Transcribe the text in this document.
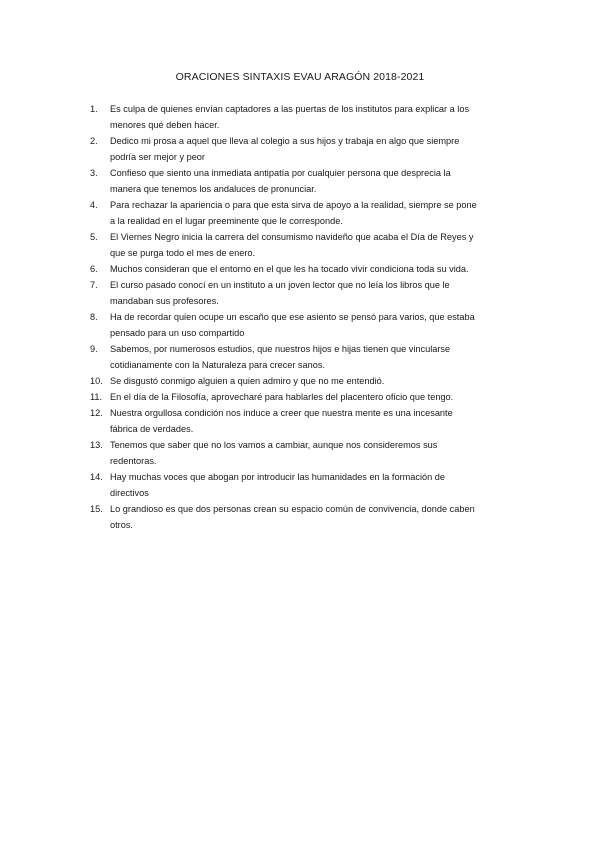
ORACIONES SINTAXIS EVAU ARAGÓN 2018-2021
1.	Es culpa de quienes envían captadores a las puertas de los institutos para explicar a los
menores qué deben hacer.
2.	Dedico mi prosa a aquel que lleva al colegio a sus hijos y trabaja en algo que siempre
podría ser mejor y peor
3.	Confieso que siento una inmediata antipatía por cualquier persona que desprecia la
manera que tenemos los andaluces de pronunciar.
4.	Para rechazar la apariencia o para que esta sirva de apoyo a la realidad, siempre se pone
a la realidad en el lugar preeminente que le corresponde.
5.	El Viernes Negro inicia la carrera del consumismo navideño que acaba el Día de Reyes y
que se purga todo el mes de enero.
6.	Muchos consideran que el entorno en el que les ha tocado vivir condiciona toda su vida.
7.	El curso pasado conocí en un instituto a un joven lector que no leía los libros que le
mandaban sus profesores.
8.	Ha de recordar quien ocupe un escaño que ese asiento se pensó para varios, que estaba
pensado para un uso compartido
9.	Sabemos, por numerosos estudios, que nuestros hijos e hijas tienen que vincularse
cotidianamente con la Naturaleza para crecer sanos.
10. Se disgustó conmigo alguien a quien admiro y que no me entendió.
11. En el día de la Filosofía, aprovecharé para hablarles del placentero oficio que tengo.
12. Nuestra orgullosa condición nos induce a creer que nuestra mente es una incesante
fábrica de verdades.
13. Tenemos que saber que no los vamos a cambiar, aunque nos consideremos sus
redentoras.
14. Hay muchas voces que abogan por introducir las humanidades en la formación de
directivos
15. Lo grandioso es que dos personas crean su espacio común de convivencia, donde caben
otros.
